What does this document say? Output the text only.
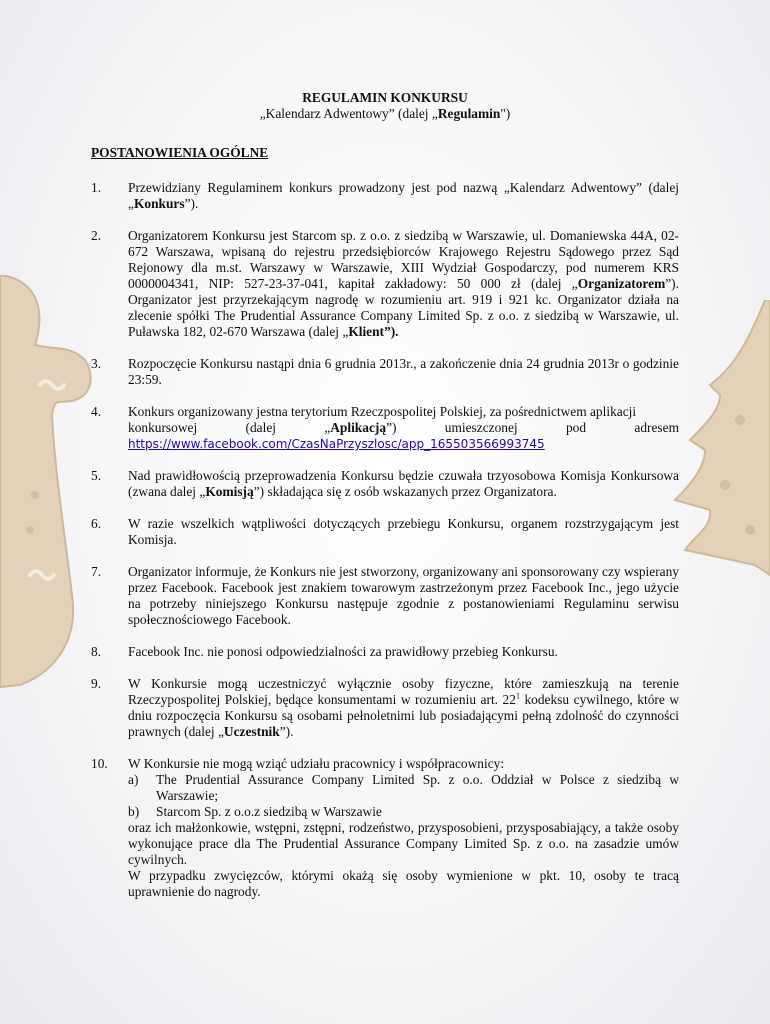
REGULAMIN KONKURSU

„Kalendarz Adwentowy” (dalej „Regulamin")

POSTANOWIENIA OGÓLNE

1.	Przewidziany Regulaminem konkurs prowadzony jest pod nazwą „Kalendarz Adwentowy” (dalej „Konkurs”).
2.	Organizatorem Konkursu jest Starcom sp. z o.o. z siedzibą w Warszawie, ul. Domaniewska 44A, 02-672 Warszawa, wpisaną do rejestru przedsiębiorców Krajowego Rejestru Sądowego przez Sąd Rejonowy dla m.st. Warszawy w Warszawie, XIII Wydział Gospodarczy, pod numerem KRS 0000004341, NIP: 527-23-37-041, kapitał zakładowy: 50 000 zł (dalej „Organizatorem”). Organizator jest przyrzekającym nagrodę w rozumieniu art. 919 i 921 kc. Organizator działa na zlecenie spółki The Prudential Assurance Company Limited Sp. z o.o. z siedzibą w Warszawie, ul. Puławska 182, 02-670 Warszawa (dalej „Klient”).
3.	Rozpoczęcie Konkursu nastąpi dnia 6 grudnia 2013r., a zakończenie dnia 24 grudnia 2013r o godzinie 23:59.
4.	Konkurs organizowany jestna terytorium Rzeczpospolitej Polskiej, za pośrednictwem aplikacji
konkursowej	(dalej	„Aplikacją”)	umieszczonej	pod	adresem
https://www.facebook.com/CzasNaPrzyszlosc/app_165503566993745
5.	Nad prawidłowością przeprowadzenia Konkursu będzie czuwała trzyosobowa Komisja Konkursowa (zwana dalej „Komisją”) składająca się z osób wskazanych przez Organizatora.
6.	W razie wszelkich wątpliwości dotyczących przebiegu Konkursu, organem rozstrzygającym jest Komisja.
7.	Organizator informuje, że Konkurs nie jest stworzony, organizowany ani sponsorowany czy wspierany przez Facebook. Facebook jest znakiem towarowym zastrzeżonym przez Facebook Inc., jego użycie na potrzeby niniejszego Konkursu następuje zgodnie z postanowieniami Regulaminu serwisu społecznościowego Facebook.
8.	Facebook Inc. nie ponosi odpowiedzialności za prawidłowy przebieg Konkursu.
9.	W Konkursie mogą uczestniczyć wyłącznie osoby fizyczne, które zamieszkują na terenie Rzeczypospolitej Polskiej, będące konsumentami w rozumieniu art. $22^1$ kodeksu cywilnego, które w dniu rozpoczęcia Konkursu są osobami pełnoletnimi lub posiadającymi pełną zdolność do czynności prawnych (dalej „Uczestnik”).
10.	W Konkursie nie mogą wziąć udziału pracownicy i współpracownicy:
a)	The Prudential Assurance Company Limited Sp. z o.o. Oddział w Polsce z siedzibą w Warszawie;
b)	Starcom Sp. z o.o.z siedzibą w Warszawie
oraz ich małżonkowie, wstępni, zstępni, rodzeństwo, przysposobieni, przysposabiający, a także osoby wykonujące prace dla The Prudential Assurance Company Limited Sp. z o.o. na zasadzie umów cywilnych.
W przypadku zwycięzców, którymi okażą się osoby wymienione w pkt. 10, osoby te tracą uprawnienie do nagrody.
